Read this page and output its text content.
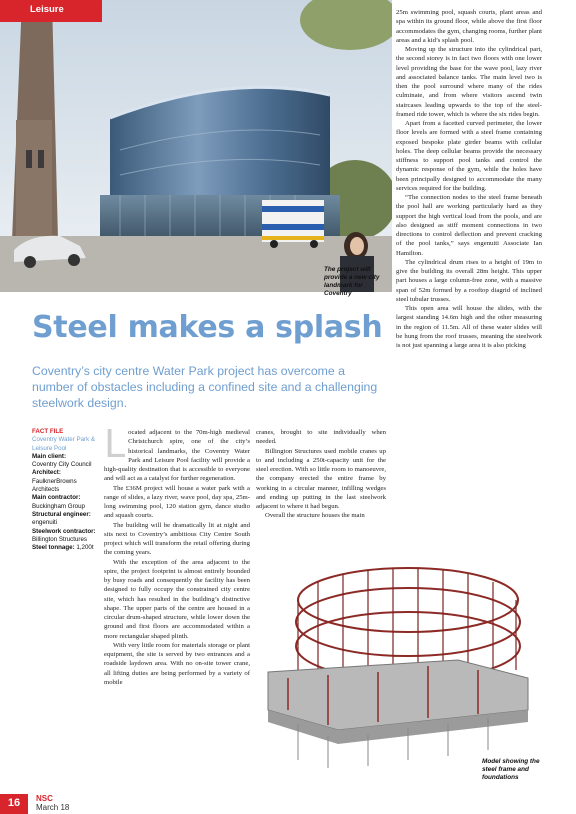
Leisure
The project will provide a new city landmark for Coventry
Steel makes a splash
Coventry’s city centre Water Park project has overcome a number of obstacles including a confined site and a challenging steelwork design.
FACT FILE
Coventry Water Park & Leisure Pool
Main client:
Coventry City Council
Architect:
FaulknerBrowns Architects
Main contractor:
Buckingham Group
Structural engineer:
engenuiti
Steelwork contractor:
Billington Structures
Steel tonnage: 1,200t
L ocated adjacent to the 70m-high medieval Christchurch spire, one of the city’s historical landmarks, the Coventry Water Park and Leisure Pool facility will provide a high-quality destination that is accessible to everyone and will act as a catalyst for further regeneration.

The £36M project will house a water park with a range of slides, a lazy river, wave pool, day spa, 25m-long swimming pool, 120 station gym, dance studio and squash courts.

The building will be dramatically lit at night and sits next to Coventry’s ambitious City Centre South project which will transform the retail offering during the coming years.

With the exception of the area adjacent to the spire, the project footprint is almost entirely bounded by busy roads and consequently the facility has been designed to fully occupy the constrained city centre site, which has resulted in the building’s distinctive shape. The upper parts of the centre are housed in a circular drum-shaped structure, while lower down the ground and first floors are accommodated within a more rectangular shaped plinth.

With very little room for materials storage or plant equipment, the site is served by two entrances and a roadside laydown area. With no on-site tower crane, all lifting duties are being performed by a variety of mobile

cranes, brought to site individually when needed.

Billington Structures used mobile cranes up to and including a 250t-capacity unit for the steel erection. With so little room to manoeuvre, the company erected the entire frame by working in a circular manner, infilling wedges and ending up putting in the last steelwork adjacent to where it had begun.

Overall the structure houses the main

25m swimming pool, squash courts, plant areas and spa within its ground floor, while above the first floor accommodates the gym, changing rooms, further plant areas and a kid’s splash pool.

Moving up the structure into the cylindrical part, the second storey is in fact two floors with one lower level providing the base for the wave pool, lazy river and associated balance tanks. The main level two is then the pool surround where many of the rides culminate, and from where visitors ascend twin staircases leading upwards to the top of the steel-framed ride tower, which is where the six rides begin.

Apart from a facetted curved perimeter, the lower floor levels are formed with a steel frame containing exposed bespoke plate girder beams with cellular holes. The deep cellular beams provide the necessary stiffness to support pool tanks and control the dynamic response of the gym, while the holes have been principally designed to accommodate the many services required for the building.

“The connection nodes to the steel frame beneath the pool hall are working particularly hard as they support the high vertical load from the pools, and are also designed as stiff moment connections in two directions to control deflection and prevent cracking of the pool tanks,” says engenuiti Associate Ian Hamilton.

The cylindrical drum rises to a height of 19m to give the building its overall 28m height. This upper part houses a large column-free zone, with a massive span of 52m formed by a rooftop diagrid of inclined steel tubular trusses.

This open area will house the slides, with the largest standing 14.6m high and the other measuring in the region of 11.5m. All of these water slides will be hung from the roof trusses, meaning the steelwork is not just spanning a large area it is also picking

Model showing the steel frame and foundations
16	NSC
March 18
